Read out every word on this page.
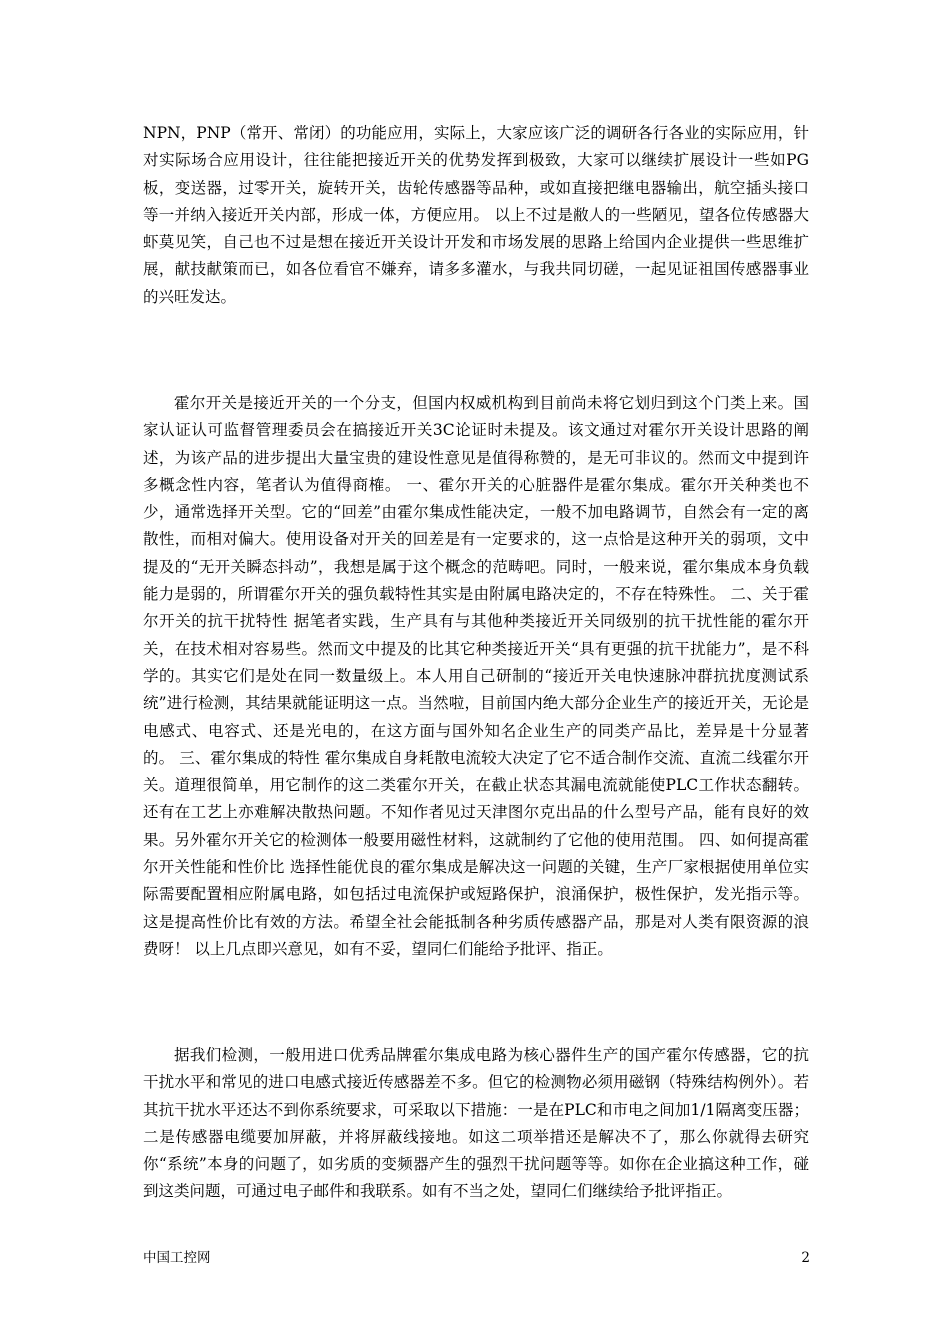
NPN，PNP（常开、常闭）的功能应用，实际上，大家应该广泛的调研各行各业的实际应用，针对实际场合应用设计，往往能把接近开关的优势发挥到极致，大家可以继续扩展设计一些如PG板，变送器，过零开关，旋转开关，齿轮传感器等品种，或如直接把继电器输出，航空插头接口等一并纳入接近开关内部，形成一体，方便应用。 以上不过是敝人的一些陋见，望各位传感器大虾莫见笑，自己也不过是想在接近开关设计开发和市场发展的思路上给国内企业提供一些思维扩展，献技献策而已，如各位看官不嫌弃，请多多灌水，与我共同切磋，一起见证祖国传感器事业的兴旺发达。

霍尔开关是接近开关的一个分支，但国内权威机构到目前尚未将它划归到这个门类上来。国家认证认可监督管理委员会在搞接近开关3C论证时未提及。该文通过对霍尔开关设计思路的阐述，为该产品的进步提出大量宝贵的建设性意见是值得称赞的，是无可非议的。然而文中提到许多概念性内容，笔者认为值得商榷。 一、霍尔开关的心脏器件是霍尔集成。霍尔开关种类也不少，通常选择开关型。它的“回差”由霍尔集成性能决定，一般不加电路调节，自然会有一定的离散性，而相对偏大。使用设备对开关的回差是有一定要求的，这一点恰是这种开关的弱项，文中提及的“无开关瞬态抖动”，我想是属于这个概念的范畴吧。同时，一般来说，霍尔集成本身负载能力是弱的，所谓霍尔开关的强负载特性其实是由附属电路决定的，不存在特殊性。 二、关于霍尔开关的抗干扰特性 据笔者实践，生产具有与其他种类接近开关同级别的抗干扰性能的霍尔开关，在技术相对容易些。然而文中提及的比其它种类接近开关“具有更强的抗干扰能力”，是不科学的。其实它们是处在同一数量级上。本人用自己研制的“接近开关电快速脉冲群抗扰度测试系统”进行检测，其结果就能证明这一点。当然啦，目前国内绝大部分企业生产的接近开关，无论是电感式、电容式、还是光电的，在这方面与国外知名企业生产的同类产品比，差异是十分显著的。 三、霍尔集成的特性 霍尔集成自身耗散电流较大决定了它不适合制作交流、直流二线霍尔开关。道理很简单，用它制作的这二类霍尔开关，在截止状态其漏电流就能使PLC工作状态翻转。还有在工艺上亦难解决散热问题。不知作者见过天津图尔克出品的什么型号产品，能有良好的效果。另外霍尔开关它的检测体一般要用磁性材料，这就制约了它他的使用范围。 四、如何提高霍尔开关性能和性价比 选择性能优良的霍尔集成是解决这一问题的关键，生产厂家根据使用单位实际需要配置相应附属电路，如包括过电流保护或短路保护，浪涌保护，极性保护，发光指示等。这是提高性价比有效的方法。希望全社会能抵制各种劣质传感器产品，那是对人类有限资源的浪费呀！ 以上几点即兴意见，如有不妥，望同仁们能给予批评、指正。

据我们检测，一般用进口优秀品牌霍尔集成电路为核心器件生产的国产霍尔传感器，它的抗干扰水平和常见的进口电感式接近传感器差不多。但它的检测物必须用磁钢（特殊结构例外）。若其抗干扰水平还达不到你系统要求，可采取以下措施：一是在PLC和市电之间加1/1隔离变压器；二是传感器电缆要加屏蔽，并将屏蔽线接地。如这二项举措还是解决不了，那么你就得去研究你“系统”本身的问题了，如劣质的变频器产生的强烈干扰问题等等。如你在企业搞这种工作，碰到这类问题，可通过电子邮件和我联系。如有不当之处，望同仁们继续给予批评指正。

中国工控网	2
